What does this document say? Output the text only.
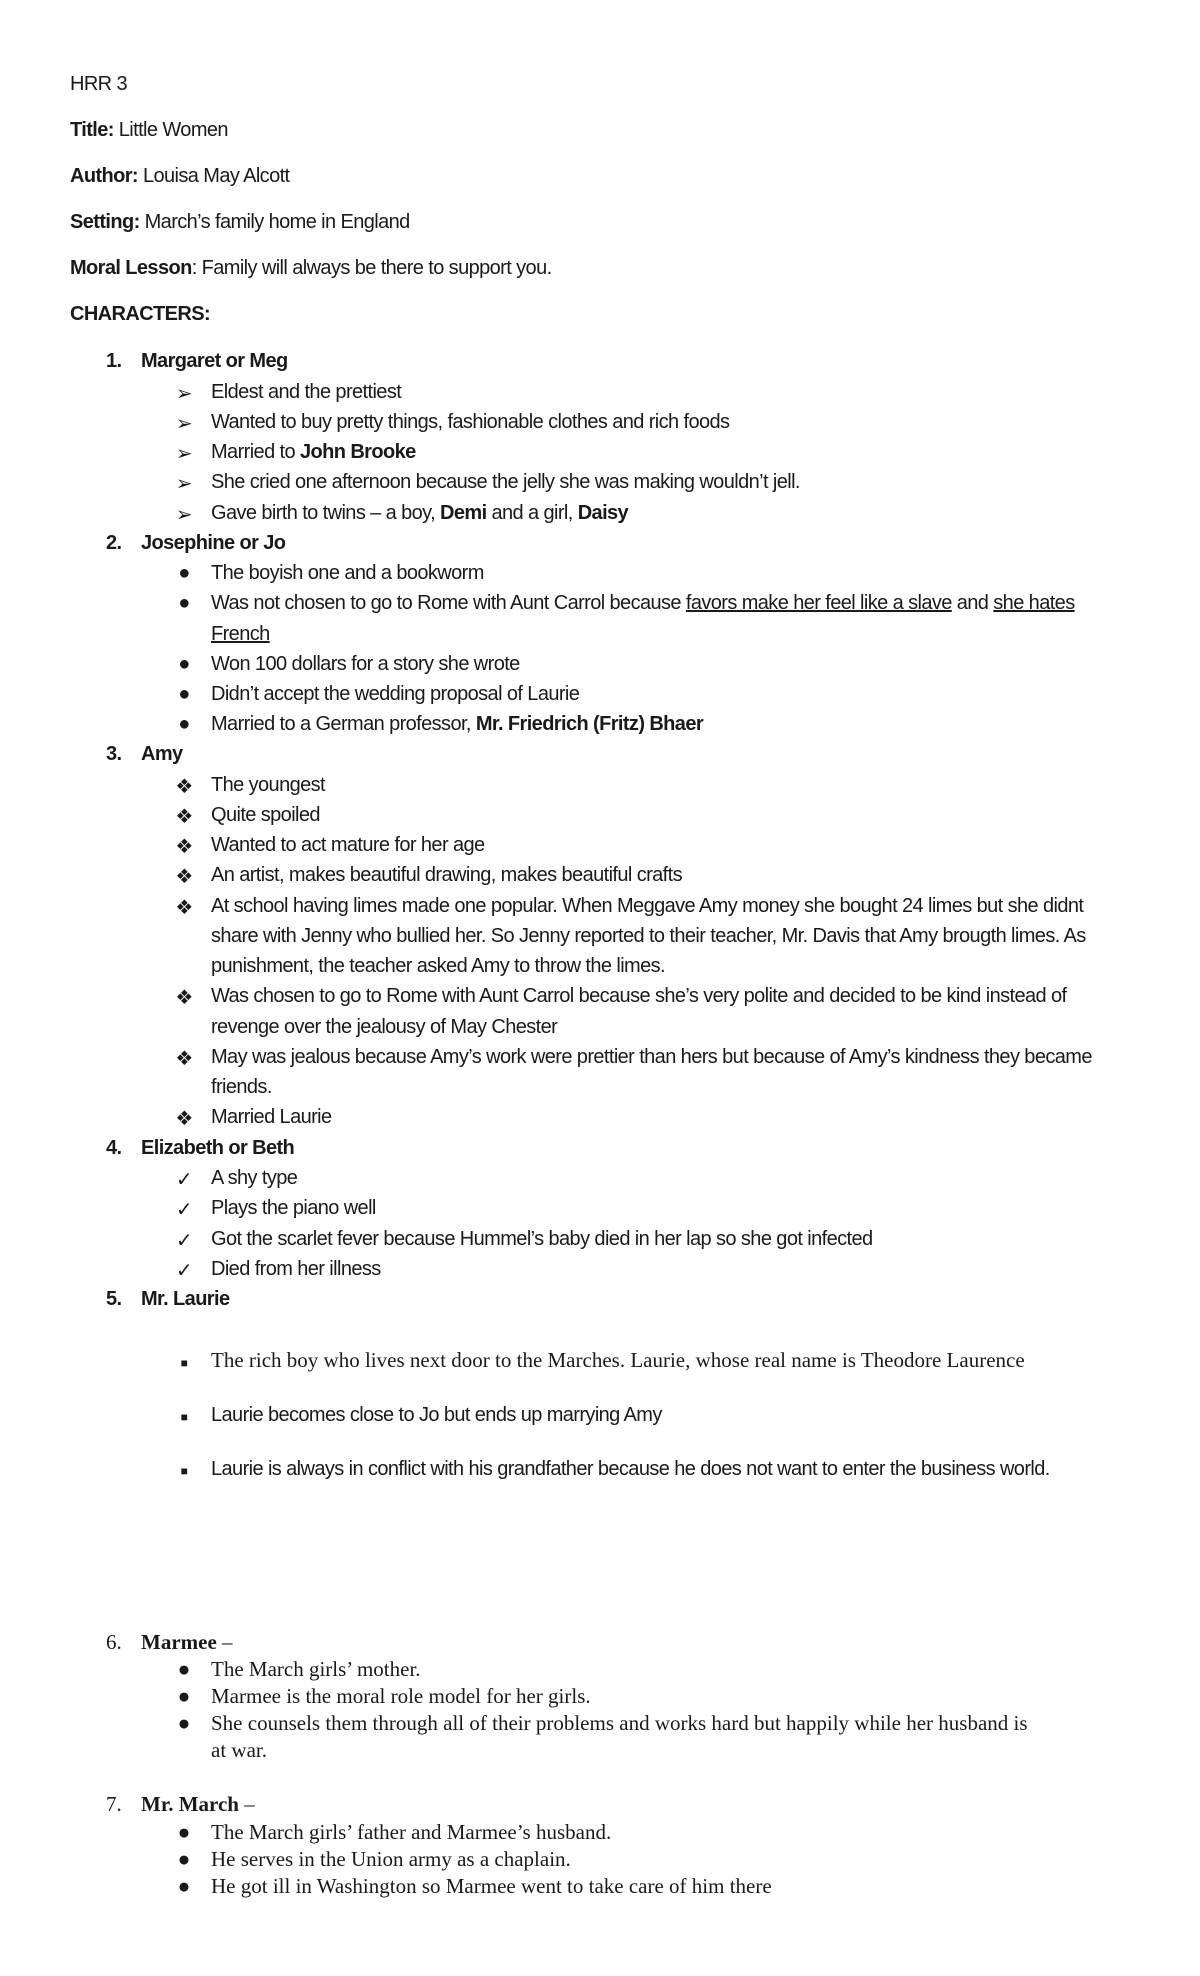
HRR 3
Title: Little Women
Author: Louisa May Alcott
Setting: March’s family home in England
Moral Lesson: Family will always be there to support you.
CHARACTERS:
1. Margaret or Meg
➢ Eldest and the prettiest
➢ Wanted to buy pretty things, fashionable clothes and rich foods
➢ Married to John Brooke
➢ She cried one afternoon because the jelly she was making wouldn’t jell.
➢ Gave birth to twins – a boy, Demi and a girl, Daisy
2. Josephine or Jo
● The boyish one and a bookworm
● Was not chosen to go to Rome with Aunt Carrol because favors make her feel like a slave and she hates
French
● Won 100 dollars for a story she wrote
● Didn’t accept the wedding proposal of Laurie
● Married to a German professor, Mr. Friedrich (Fritz) Bhaer
3. Amy
❖ The youngest
❖ Quite spoiled
❖ Wanted to act mature for her age
❖ An artist, makes beautiful drawing, makes beautiful crafts
❖ At school having limes made one popular. When Meggave Amy money she bought 24 limes but she didnt
share with Jenny who bullied her. So Jenny reported to their teacher, Mr. Davis that Amy brougth limes. As
punishment, the teacher asked Amy to throw the limes.
❖ Was chosen to go to Rome with Aunt Carrol because she’s very polite and decided to be kind instead of
revenge over the jealousy of May Chester
❖ May was jealous because Amy’s work were prettier than hers but because of Amy’s kindness they became
friends.
❖ Married Laurie
4. Elizabeth or Beth
✓ A shy type
✓ Plays the piano well
✓ Got the scarlet fever because Hummel’s baby died in her lap so she got infected
✓ Died from her illness
5. Mr. Laurie
■	The rich boy who lives next door to the Marches. Laurie, whose real name is Theodore Laurence
■	Laurie becomes close to Jo but ends up marrying Amy
■	Laurie is always in conflict with his grandfather because he does not want to enter the business world.
6. Marmee –
● The March girls’ mother.
● Marmee is the moral role model for her girls.
● She counsels them through all of their problems and works hard but happily while her husband is
at war.
7. Mr. March –
● The March girls’ father and Marmee’s husband.
● He serves in the Union army as a chaplain.
● He got ill in Washington so Marmee went to take care of him there
